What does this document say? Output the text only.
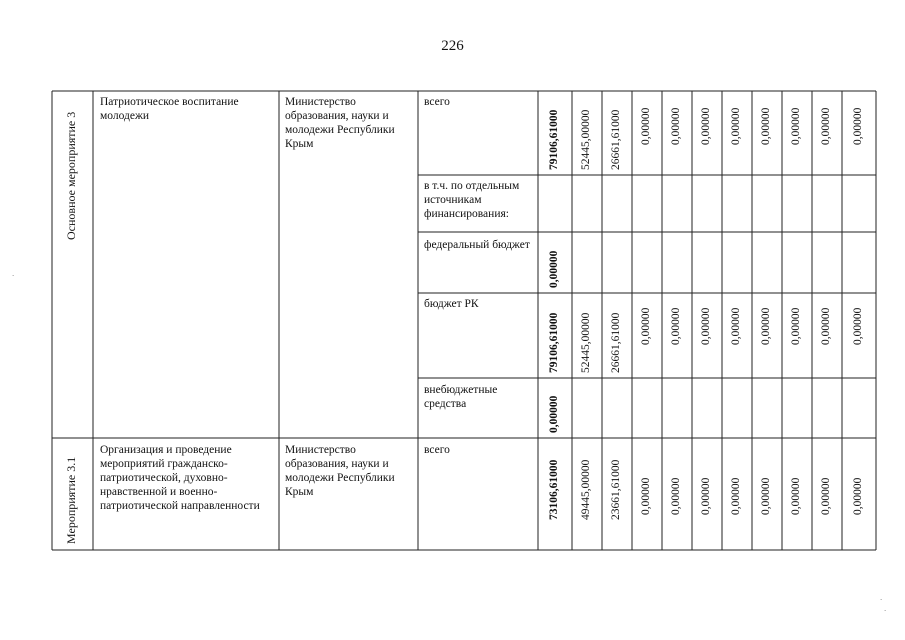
226
Основное мероприятие 3
Патриотическое воспитание молодежи
Министерство образования, науки и молодежи Республики Крым
всего
79106,61000 52445,00000 26661,61000 0,00000 0,00000 0,00000 0,00000 0,00000 0,00000 0,00000 0,00000
в т.ч. по отдельным источникам финансирования:
федеральный бюджет
0,00000
бюджет РК
79106,61000 52445,00000 26661,61000 0,00000 0,00000 0,00000 0,00000 0,00000 0,00000 0,00000 0,00000
внебюджетные средства	0,00000
Мероприятие 3.1
Организация и проведение мероприятий гражданско-патриотической, духовно-нравственной и военно-патриотической направленности
Министерство образования, науки и молодежи Республики Крым
всего
73106,61000 49445,00000 23661,61000 0,00000 0,00000 0,00000 0,00000 0,00000 0,00000 0,00000 0,00000
·
·
·
